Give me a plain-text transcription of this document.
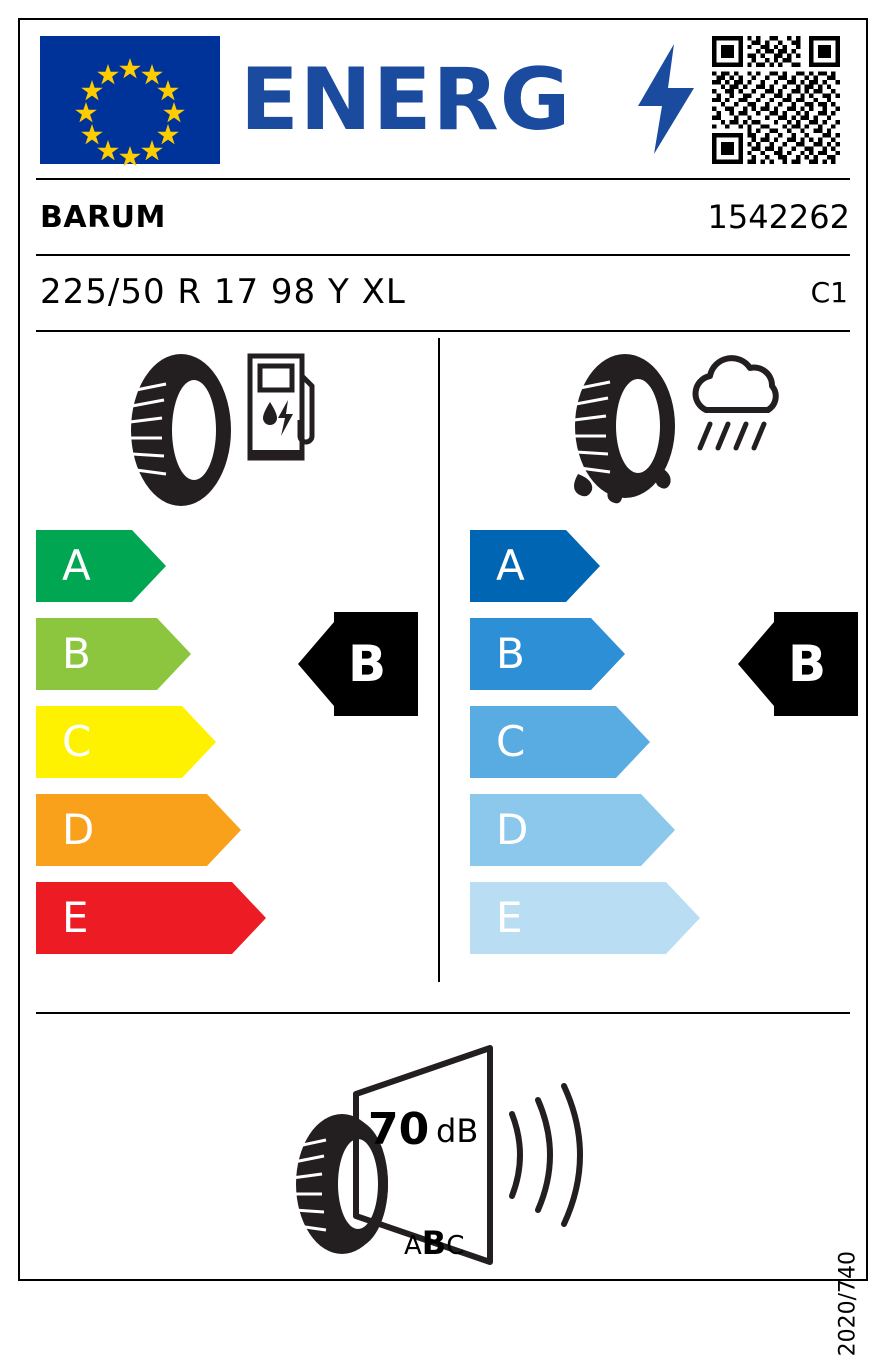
ENERG
BARUM	1542262
225/50 R 17 98 Y XL	C1
A
B
C
D
E
B
A
B
C
D
E
B
70 dB
ABC
2020/740
